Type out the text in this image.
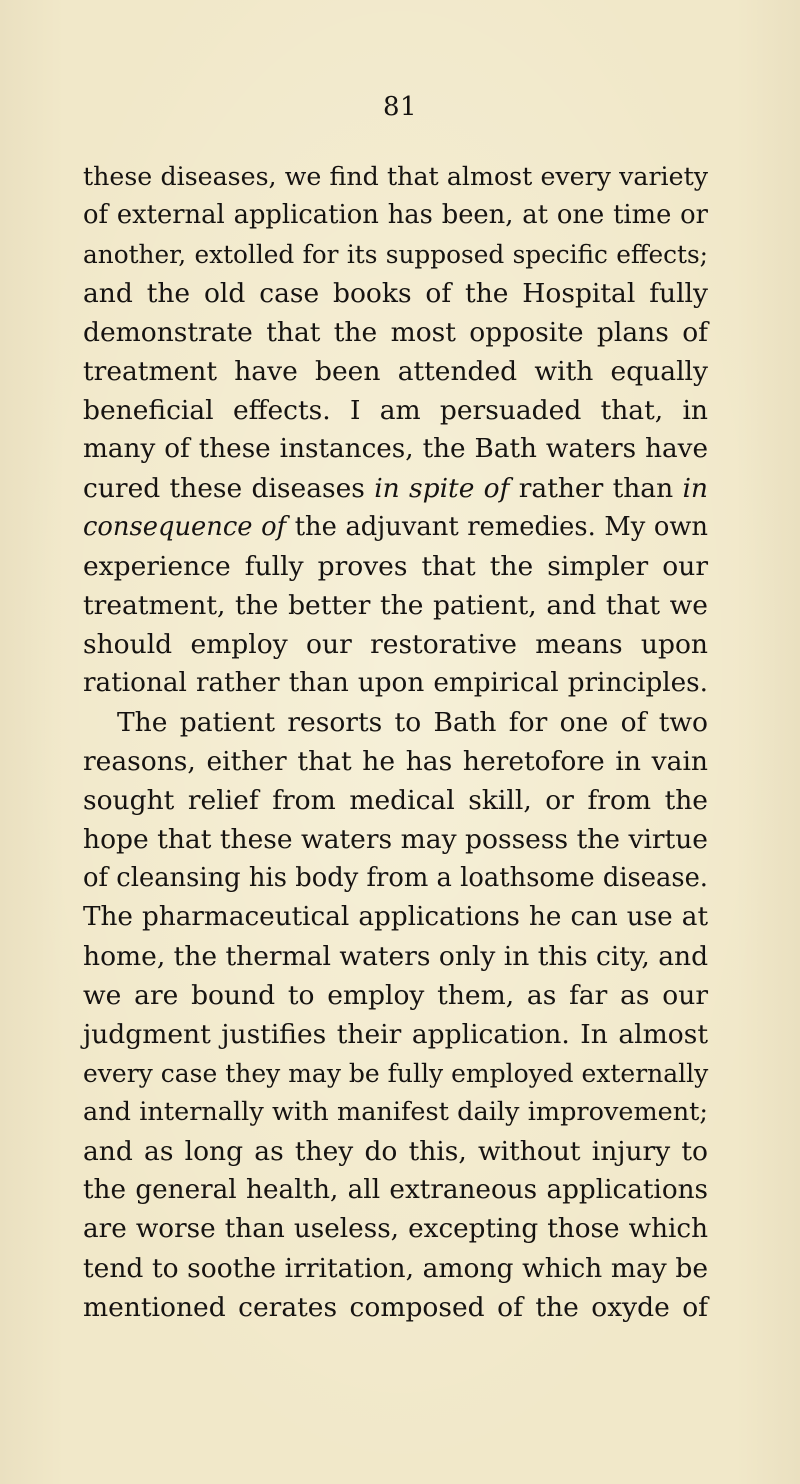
81
these diseases, we find that almost every variety
of external application has been, at one time or
another, extolled for its supposed specific effects;
and the old case books of the Hospital fully
demonstrate that the most opposite plans of
treatment have been attended with equally
beneficial effects. I am persuaded that, in
many of these instances, the Bath waters have
cured these diseases in spite of rather than in
consequence of the adjuvant remedies. My own
experience fully proves that the simpler our
treatment, the better the patient, and that we
should employ our restorative means upon
rational rather than upon empirical principles.
The patient resorts to Bath for one of two
reasons, either that he has heretofore in vain
sought relief from medical skill, or from the
hope that these waters may possess the virtue
of cleansing his body from a loathsome disease.
The pharmaceutical applications he can use at
home, the thermal waters only in this city, and
we are bound to employ them, as far as our
judgment justifies their application. In almost
every case they may be fully employed externally
and internally with manifest daily improvement;
and as long as they do this, without injury to
the general health, all extraneous applications
are worse than useless, excepting those which
tend to soothe irritation, among which may be
mentioned cerates composed of the oxyde of
